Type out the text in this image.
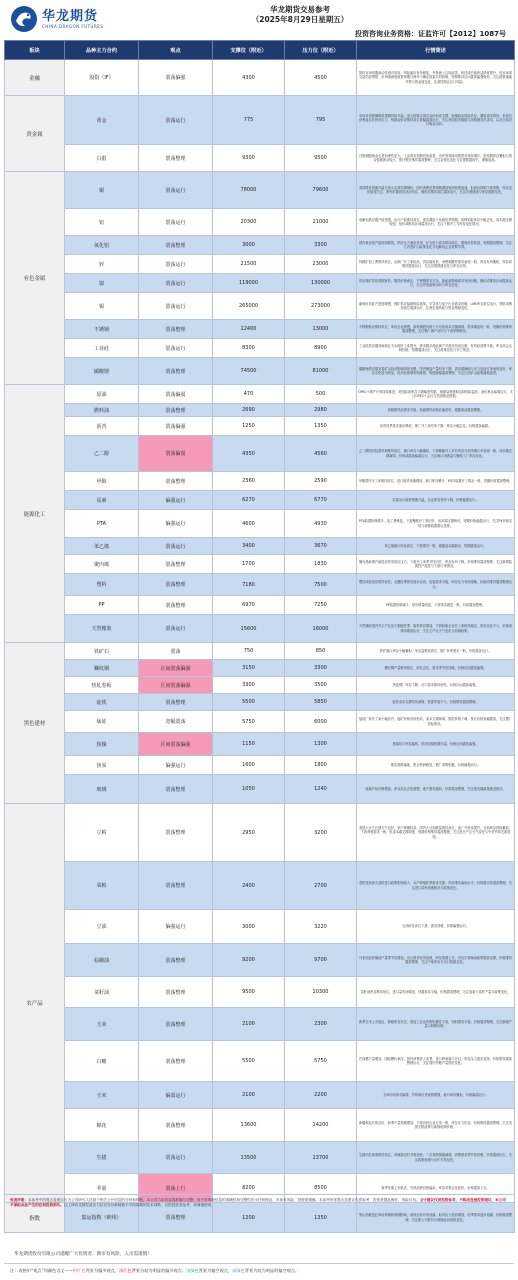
华龙期货
CHINA DRAGON FUTURES
华龙期货交易参考
（2025年8月29日星期五）
投资咨询业务资格：证监许可【2012】1087号
板块	品种主力合约	观点	支撑位（附近）	压力位（附近）	行情简述
金融	股指（IF）	震荡偏强	4300	4500	国内市场短期流动性相对宽裕，风险偏好有所修复，外资流入边际改善，科技成长板块活跃度提升，但市场成交量仍需观察，市场情绪受政策预期与海外不确定因素共同影响，短期维持区间震荡偏强格局，关注政策落地节奏与资金面变化，注意控制仓位与风险。
贵金属	黄金	震荡运行	775	795	市场对美联储降息预期持续升温，美元指数走弱对金价形成支撑，地缘政治风险仍存，避险需求维持，但高位获利盘存在回吐压力，短期金价或维持高位宽幅震荡运行，关注美国经济数据与美联储官员讲话，以及全球央行购金动向。
	白银	震荡整理	9300	9500	白银跟随黄金走势但弹性更大，工业需求预期有所改善，光伏等领域用银需求保持增长，但短期库存累积与资金情绪波动较大，预计银价维持震荡整理，关注金银比变化与宏观数据指引，谨慎追高。
有色金属	铜	震荡运行	78000	79600	美国降息预期升温与美元走弱支撑铜价，国内消费旺季预期叠加电网投资加速，但高价抑制下游采购，库存变化值得关注，海外矿端供应扰动仍存，铜价或维持高位震荡运行，关注宏观情绪与库存数据变化。
	铝	震荡运行	20300	21000	电解铝供应端产能受限，运行产能维持高位，需求端进入传统旺季预期，铝棒铝锭库存小幅去化，成本端支撑较强，铝价或维持区间震荡运行，关注下游开工与库存变化情况。
	氧化铝	震荡整理	3000	3300	国内氧化铝产能持续释放，供应压力逐步显现，矿石进口成本维持高位，期现价差收敛，短期震荡整理，关注几内亚矿山政策变化与电解铝企业采购节奏。
	锌	震荡运行	21500	23000	锌精矿加工费维持高位，冶炼厂开工率较高，供应偏宽松，消费端镀锌需求表现一般，库存有所累积，锌价或维持震荡运行，关注宏观情绪变化与库存走势。
	镍	震荡运行	119000	130000	印尼镍矿供应预期宽松，镍铁价格承压，不锈钢需求平淡，新能源领域需求有所回暖，镍价或维持区间震荡运行，关注印尼政策动向与库存变化。
	锡	震荡运行	265000	273000	缅甸佤邦复产进度缓慢，锡矿供应偏紧格局延续，半导体与电子行业需求回暖，LME库存低位运行，锡价或维持高位震荡运行，注意宏观风险与资金情绪变化。
	不锈钢	震荡整理	12400	13000	不锈钢供应维持高位，库存去化缓慢，原料镍铁价格下行导致成本支撑减弱，需求端表现一般，短期价格维持震荡整理，关注钢厂减产动向与下游采购情况。
	工业硅	震荡运行	8300	8900	工业硅供应端西南地区丰水期开工率提升，需求端多晶硅减产对需求形成压制，有机硅消费平稳，库存高企压制价格，短期震荡运行，关注政策变化与开工情况。
	碳酸锂	震荡整理	74500	81000	碳酸锂供应端宜春矿山扰动影响持续发酵，国内锂盐产量有所下降，需求端储能与动力电池订单表现良好，库存去化较为明显，但高价抑制采购意愿，短期宽幅震荡整理，关注江西矿山政策落地进度。
能源化工	原油	震荡偏弱	470	500	OPEC+增产计划持续推进，美国原油库存下降幅度有限，地缘局势缓和压制风险溢价，油价承压偏弱运行，关注OPEC+会议与美国就业数据。
	燃料油	震荡整理	2690	2980	高硫燃料油需求平稳，低硫燃料油供应偏宽松，跟随原油震荡整理。
	沥青	震荡偏强	1250	1350	沥青旺季需求逐步释放，炼厂开工率有所下降，库存小幅去化，价格震荡偏强。
	乙二醇	震荡偏弱	4350	4560	乙二醇国内装置负荷维持高位，港口库存小幅累积，下游聚酯开工率有所回升但终端订单表现一般，成本端支撑减弱，价格或震荡偏弱运行，关注港口到港量与聚酯工厂库存变化。
	甲醇	震荡整理	2360	2590	甲醇国内开工率维持高位，进口船货到港增加，港口库存攀升，MTO装置开工情况一般，短期价格震荡整理。
	尿素	偏强运行	6270	6770	尿素出口政策预期升温，企业库存有所下降，价格偏强运行。
	PTA	偏强运行	4600	4930	PTA装置检修增多，加工费修复，下游聚酯开工率回升，成本端支撑尚可，短期价格偏强运行，关注PX价格走势与检修装置重启进度。
	苯乙烯	震荡运行	3400	3670	苯乙烯港口库存高位，下游需求一般，跟随成本端波动，短期震荡运行。
	聚丙烯	震荡整理	1700	1830	聚丙烯新增产能投放带来供应压力，下游开工率季节性回升，库存有所下降，价格维持震荡整理，关注新增装置投产进度与下游订单情况。
	塑料	震荡整理	7180	7500	塑料线性供应维持宽松，农膜旺季需求逐步启动，包装需求平稳，库存压力有所缓解，价格或维持震荡整理运行。
	PP	震荡整理	6970	7250	PP装置检修减少，供应增量明显，下游需求跟进一般，价格震荡整理。
	天然橡胶	震荡运行	15600	16000	天然橡胶国内外主产区处于割胶旺季，原料供应增加，下游轮胎企业开工率维持稳定，库存变化不大，价格或维持震荡运行，关注主产区天气变化与收储政策。
黑色建材	铁矿石	震荡	750	850	铁矿港口库存小幅累积，发运量维持高位，钢厂补库需求一般，价格震荡运行。
	螺纹钢	区间震荡偏强	3150	3300	螺纹钢产量维持低位，库存去化，需求季节性回暖，价格区间震荡偏强。
	热轧卷板	区间震荡偏强	3300	3500	热卷钢厂库存下降，出口需求保持韧性，价格区间震荡偏强。
	硅铁	震荡整理	5500	5850	硅铁成本支撑有所减弱，供需矛盾不大，价格维持震荡整理。
	锰硅	宽幅震荡	5750	6000	锰硅厂家开工率小幅回升，锰矿价格有所松动，成本支撑减弱，钢招价格下调，预计价格宽幅震荡，关注钢厂招标情况。
	焦煤	区间震荡偏强	1150	1300	焦煤坑口库存偏低，供应收紧预期升温，价格区间震荡偏强。
	焦炭	偏强运行	1600	1800	焦炭提涨落地，焦企利润修复，钢厂采购积极，价格偏强运行。
	玻璃	震荡整理	1050	1240	玻璃产线冷修增加，库存高位去化缓慢，地产需求疲弱，价格震荡整理，关注保交楼政策推进情况。
农产品	豆粕	震荡整理	2950	3200	美国大豆生长期天气良好，单产预期较高，国内大豆到港量维持高位，油厂开机率提升，豆粕库存持续累积，下游养殖需求一般，但成本端支撑较强，短期价格维持震荡整理，关注美豆产区天气变化与中美贸易关系进展。
	菜粕	震荡整理	2400	2700	菜粕受加拿大菜籽进口政策影响较大，水产养殖旺季需求支撑，库存维持偏低水平，价格随豆粕震荡整理，关注进口菜籽到港情况与政策变化。
	豆油	偏强运行	3000	3220	豆油库存高位下滑，需求回暖，价格偏强运行。
	棕榈油	震荡整理	9200	9700	马来西亚棕榈油产量季节性增加，出口需求有所放缓，库存预期上升，印尼生物柴油政策提供支撑，价格维持震荡整理，关注产地库存与出口数据变化。
	菜籽油	震荡整理	9500	10300	菜籽油库存维持低位，进口量有所增加，终端需求平稳，价格震荡整理，关注加拿大菜籽产量与政策变化。
	玉米	震荡整理	2100	2300	新季玉米上市临近，陈粮库存充足，深加工企业收购积极性不高，饲料需求平稳，价格震荡整理，关注新粮产量与收购价格。
	白糖	震荡整理	5500	5750	巴西糖产量增加，国际糖价承压，国内消费进入淡季，进口利润窗口开启，库存压力逐步显现，价格维持震荡整理运行，关注国内外糖产量预估变化。
	玉米	偏弱运行	2100	2200	玉米饲用需求偏弱，贸易商出货意愿增强，港口库存累积，价格偏弱运行。
	棉花	震荡整理	13600	14200	新疆棉花长势良好，新季产量预期增加，下游纺织企业订单一般，库存压力仍存，价格维持震荡整理，关注美国关税政策与新棉收购价格。
	生猪	震荡运行	13500	13700	生猪出栏体重维持高位，养殖端出栏节奏加快，二次育肥情绪减弱，消费需求季节性回暖，价格震荡运行，关注政策收储与出栏节奏变化。
	苹果	震荡上行	8200	8500	新季苹果上市临近，早熟品种价格偏高，库存苹果去化较快，价格震荡上行。
指数	集运指数（欧线）	震荡整理	1200	1350	集运指数受红海局势缓和预期影响，欧线运价有所回落，船司运力投放增加，旺季需求逐步退潮，价格震荡整理，关注船公司报价与地缘政治局势变化。
免责声明：本参考中的观点及建议仅为公司研究人员基于相关公开信息的分析和判断，本公司力求信息的准确与完整，但不对所载信息的准确性和完整性作出任何保证。市场有风险，投资需谨慎。本参考所述观点及建议仅供参考，投资者据此操作，风险自负。文中建议仅供投资参考，不构成直接投资建议，本公司不承担由此产生的任何投资损失。以上所有支撑位及压力位仅为分析师基于不同周期的技术判断，仅供投资者参考，请谨慎使用。
华龙期货股份有限公司提醒广大投资者：期市有风险，入市需谨慎！
注：表格中“观点”列颜色含义——粉红色背景为偏多观点，深红色背景为较为明显的偏多观点；浅绿色背景为偏空观点，深绿色背景为较为明显的偏空观点。
